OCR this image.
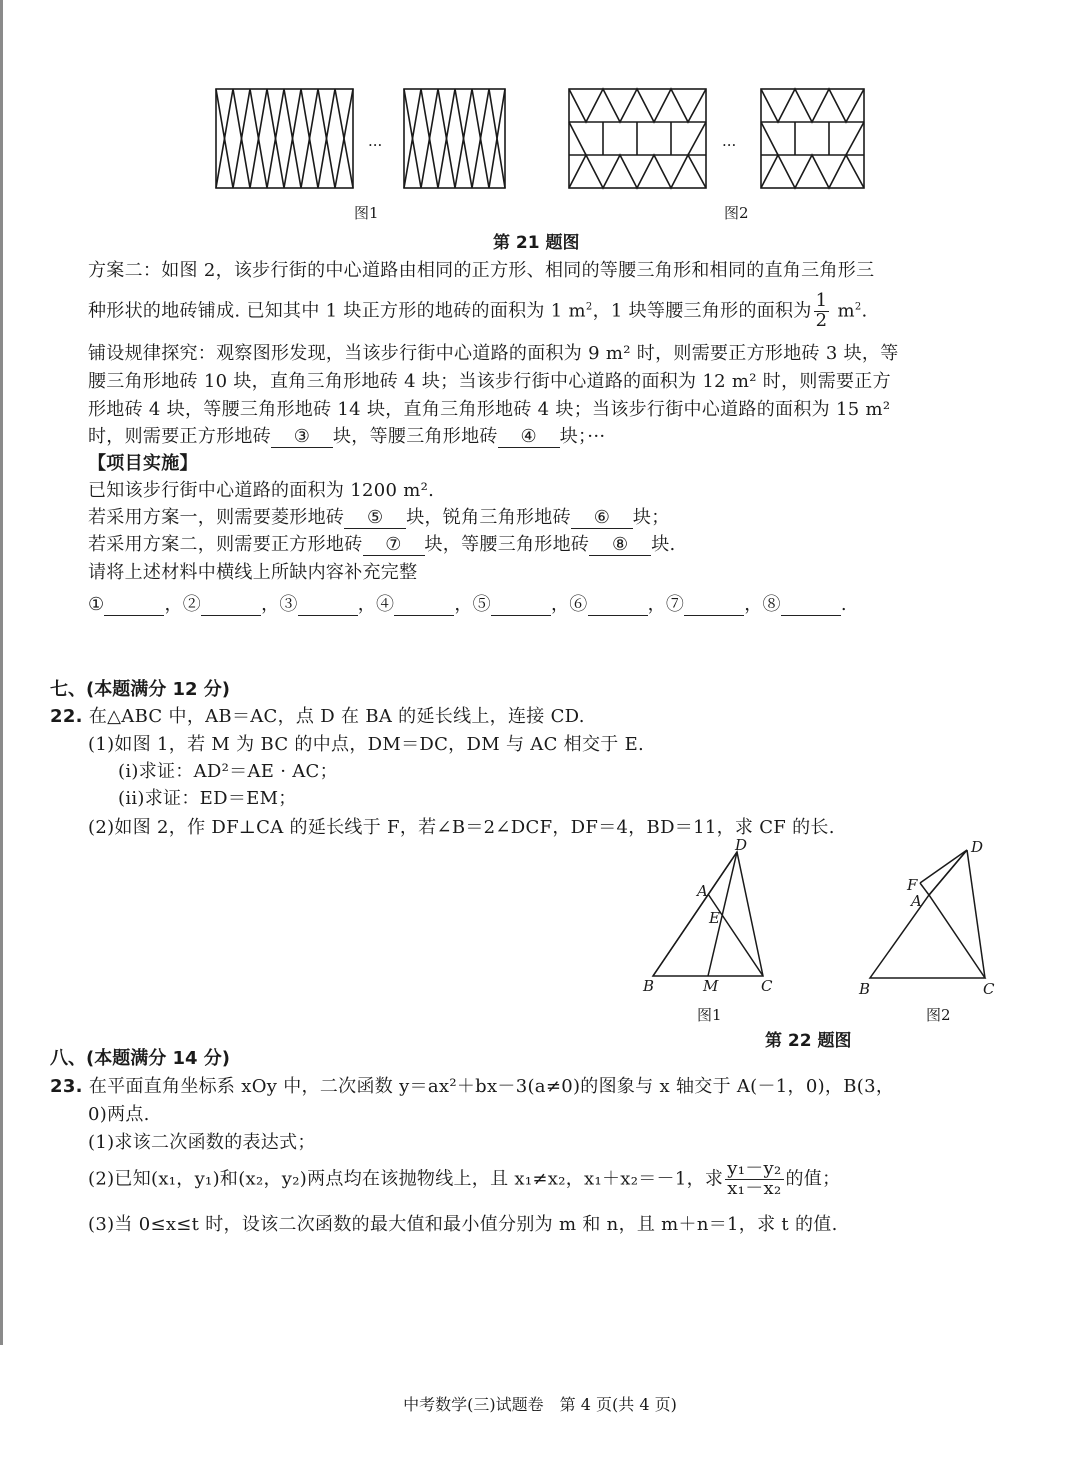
···
图1
···
图2
第 21 题图
方案二：如图 2，该步行街的中心道路由相同的正方形、相同的等腰三角形和相同的直角三角形三
种形状的地砖铺成. 已知其中 1 块正方形的地砖的面积为 1 $m^2$，1 块等腰三角形的面积为 $\frac{1}{2} m^2$.
铺设规律探究：观察图形发现，当该步行街中心道路的面积为 9 m² 时，则需要正方形地砖 3 块，等
腰三角形地砖 10 块，直角三角形地砖 4 块；当该步行街中心道路的面积为 12 m² 时，则需要正方
形地砖 4 块，等腰三角形地砖 14 块，直角三角形地砖 4 块；当该步行街中心道路的面积为 15 m²
时，则需要正方形地砖 ③ 块，等腰三角形地砖 ④ 块；···
【项目实施】
已知该步行街中心道路的面积为 1200 m².
若采用方案一，则需要菱形地砖 ⑤ 块，锐角三角形地砖 ⑥ 块；
若采用方案二，则需要正方形地砖 ⑦ 块，等腰三角形地砖 ⑧ 块.
请将上述材料中横线上所缺内容补充完整
①	，②	，③	，④	，⑤	，⑥	，⑦	，⑧	.
七、(本题满分 12 分)
22. 在△ABC 中，AB＝AC，点 D 在 BA 的延长线上，连接 CD.
(1)如图 1，若 M 为 BC 的中点，DM＝DC，DM 与 AC 相交于 E.
(i)求证：AD²＝AE · AC；
(ii)求证：ED＝EM；
(2)如图 2，作 DF⊥CA 的延长线于 F，若∠B＝2∠DCF，DF＝4，BD＝11，求 CF 的长.
D
A
E
B	M	C
图1
D
F
A
B	C
图2
第 22 题图
八、(本题满分 14 分)
23. 在平面直角坐标系 xOy 中，二次函数 y＝ax²＋bx－3(a≠0)的图象与 x 轴交于 A(－1，0)，B(3，
0)两点.
(1)求该二次函数的表达式；
(2)已知(x₁，y₁)和(x₂，y₂)两点均在该抛物线上，且 x₁≠x₂，x₁＋x₂＝－1，求 $\frac{\text{y₁－y₂}}{\text{x₁－x₂}}$ 的值；
(3)当 0≤x≤t 时，设该二次函数的最大值和最小值分别为 m 和 n，且 m＋n＝1，求 t 的值.
中考数学(三)试题卷　第 4 页(共 4 页)
